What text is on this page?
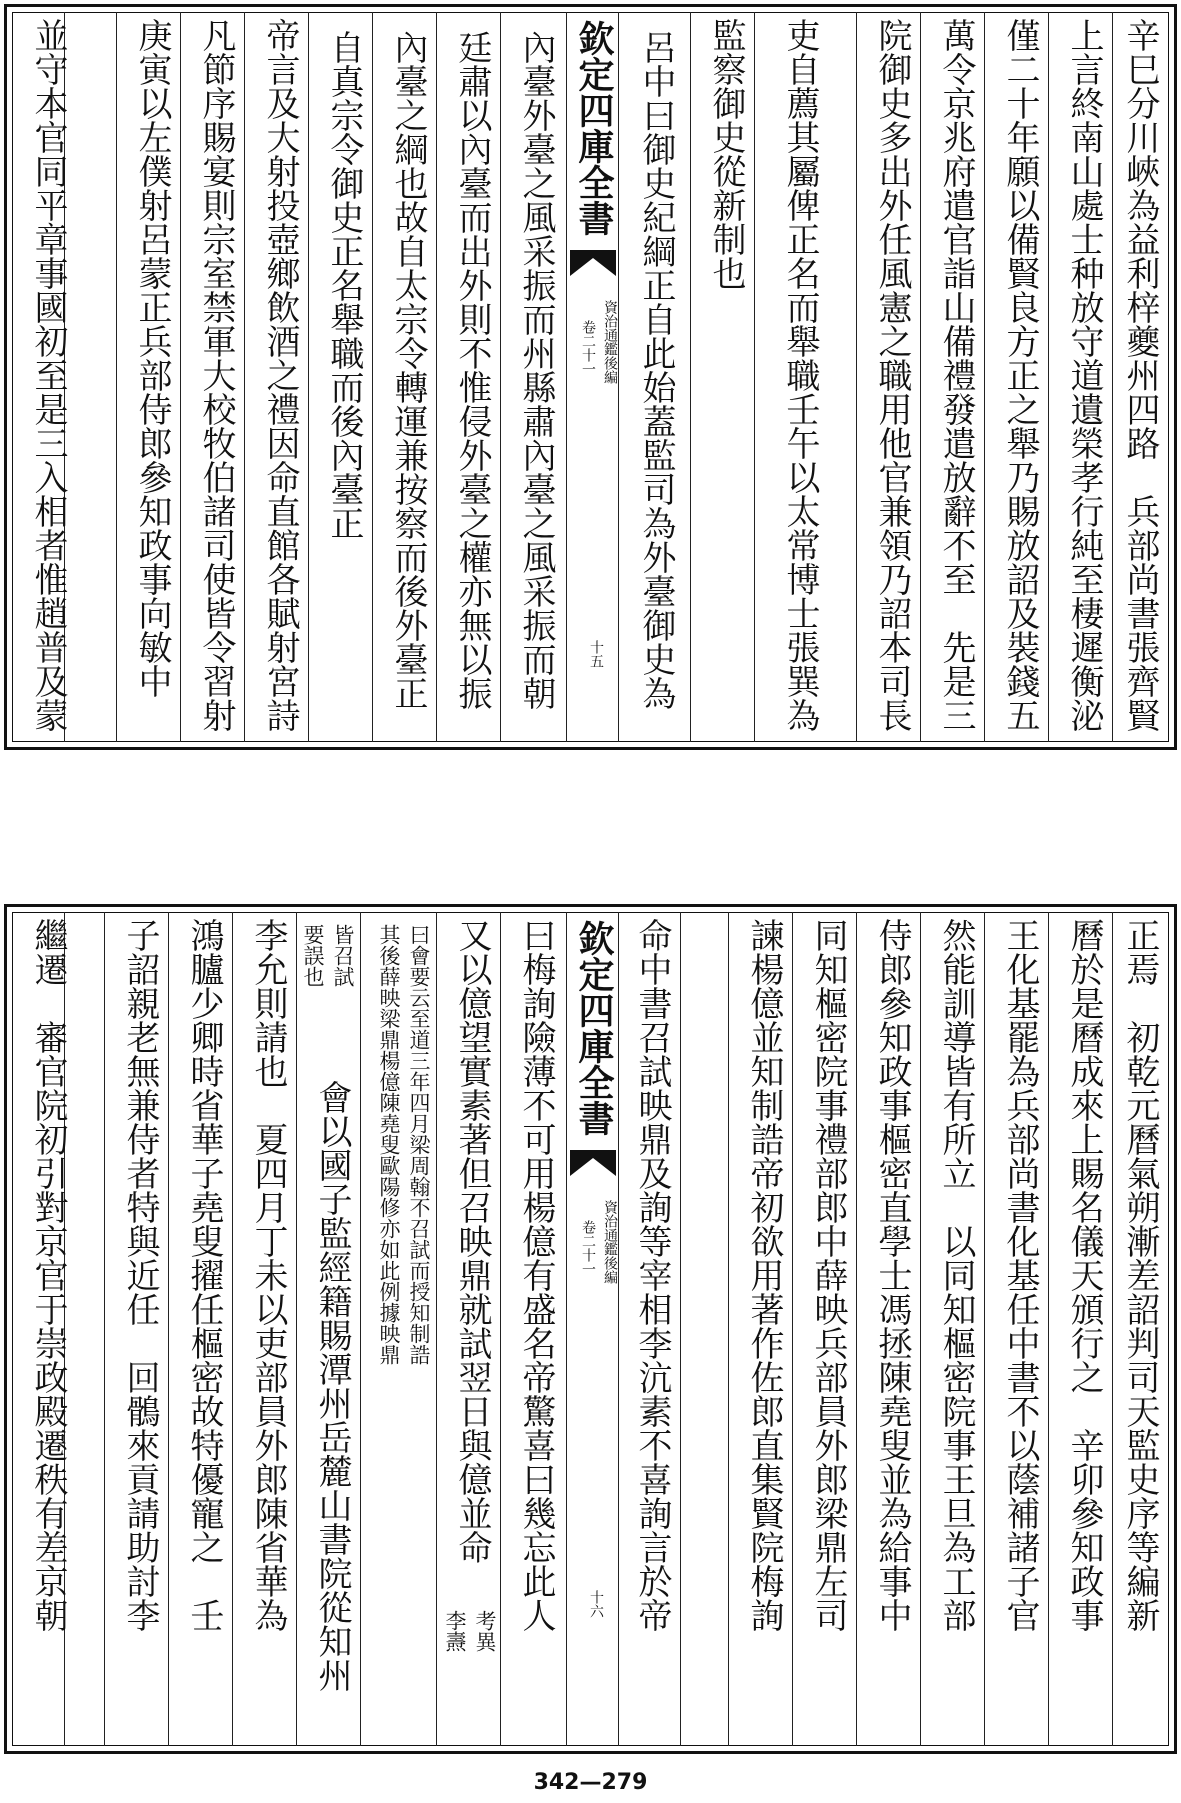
欽定四庫全書
資治通鑑後編
卷二十一
十五	辛巳分川峽為益利梓夔州四路　兵部尚書張齊賢
上言終南山處士种放守道遺榮孝行純至棲遲衡泌
僅二十年願以備賢良方正之舉乃賜放詔及裝錢五
萬令京兆府遣官詣山備禮發遣放辭不至　先是三
院御史多出外任風憲之職用他官兼領乃詔本司長
吏自薦其屬俾正名而舉職壬午以太常博士張巽為
監察御史從新制也
呂中曰御史紀綱正自此始蓋監司為外臺御史為
內臺外臺之風采振而州縣肅內臺之風采振而朝
廷肅以內臺而出外則不惟侵外臺之權亦無以振
內臺之綱也故自太宗令轉運兼按察而後外臺正
自真宗令御史正名舉職而後內臺正
帝言及大射投壺鄉飲酒之禮因命直館各賦射宮詩
凡節序賜宴則宗室禁軍大校牧伯諸司使皆令習射
庚寅以左僕射呂蒙正兵部侍郎參知政事向敏中
並守本官同平章事國初至是三入相者惟趙普及蒙
欽定四庫全書
資治通鑑後編
卷二十一
十六	正焉　初乾元曆氣朔漸差詔判司天監史序等編新
曆於是曆成來上賜名儀天頒行之　辛卯參知政事
王化基罷為兵部尚書化基任中書不以蔭補諸子官
然能訓導皆有所立　以同知樞密院事王旦為工部
侍郎參知政事樞密直學士馮拯陳堯叟並為給事中
同知樞密院事禮部郎中薛映兵部員外郎梁鼎左司
諫楊億並知制誥帝初欲用著作佐郎直集賢院梅詢
命中書召試映鼎及詢等宰相李沆素不喜詢言於帝
曰梅詢險薄不可用楊億有盛名帝驚喜曰幾忘此人
又以億望實素著但召映鼎就試翌日與億並命
考異
李燾
曰會要云至道三年四月梁周翰不召試而授知制誥
其後薛映梁鼎楊億陳堯叟歐陽修亦如此例據映鼎
皆召試
要誤也
會以國子監經籍賜潭州岳麓山書院從知州
李允則請也　夏四月丁未以吏部員外郎陳省華為
鴻臚少卿時省華子堯叟擢任樞密故特優寵之　壬
子詔親老無兼侍者特與近任　回鶻來貢請助討李
繼遷　審官院初引對京官于崇政殿遷秩有差京朝
342—279
